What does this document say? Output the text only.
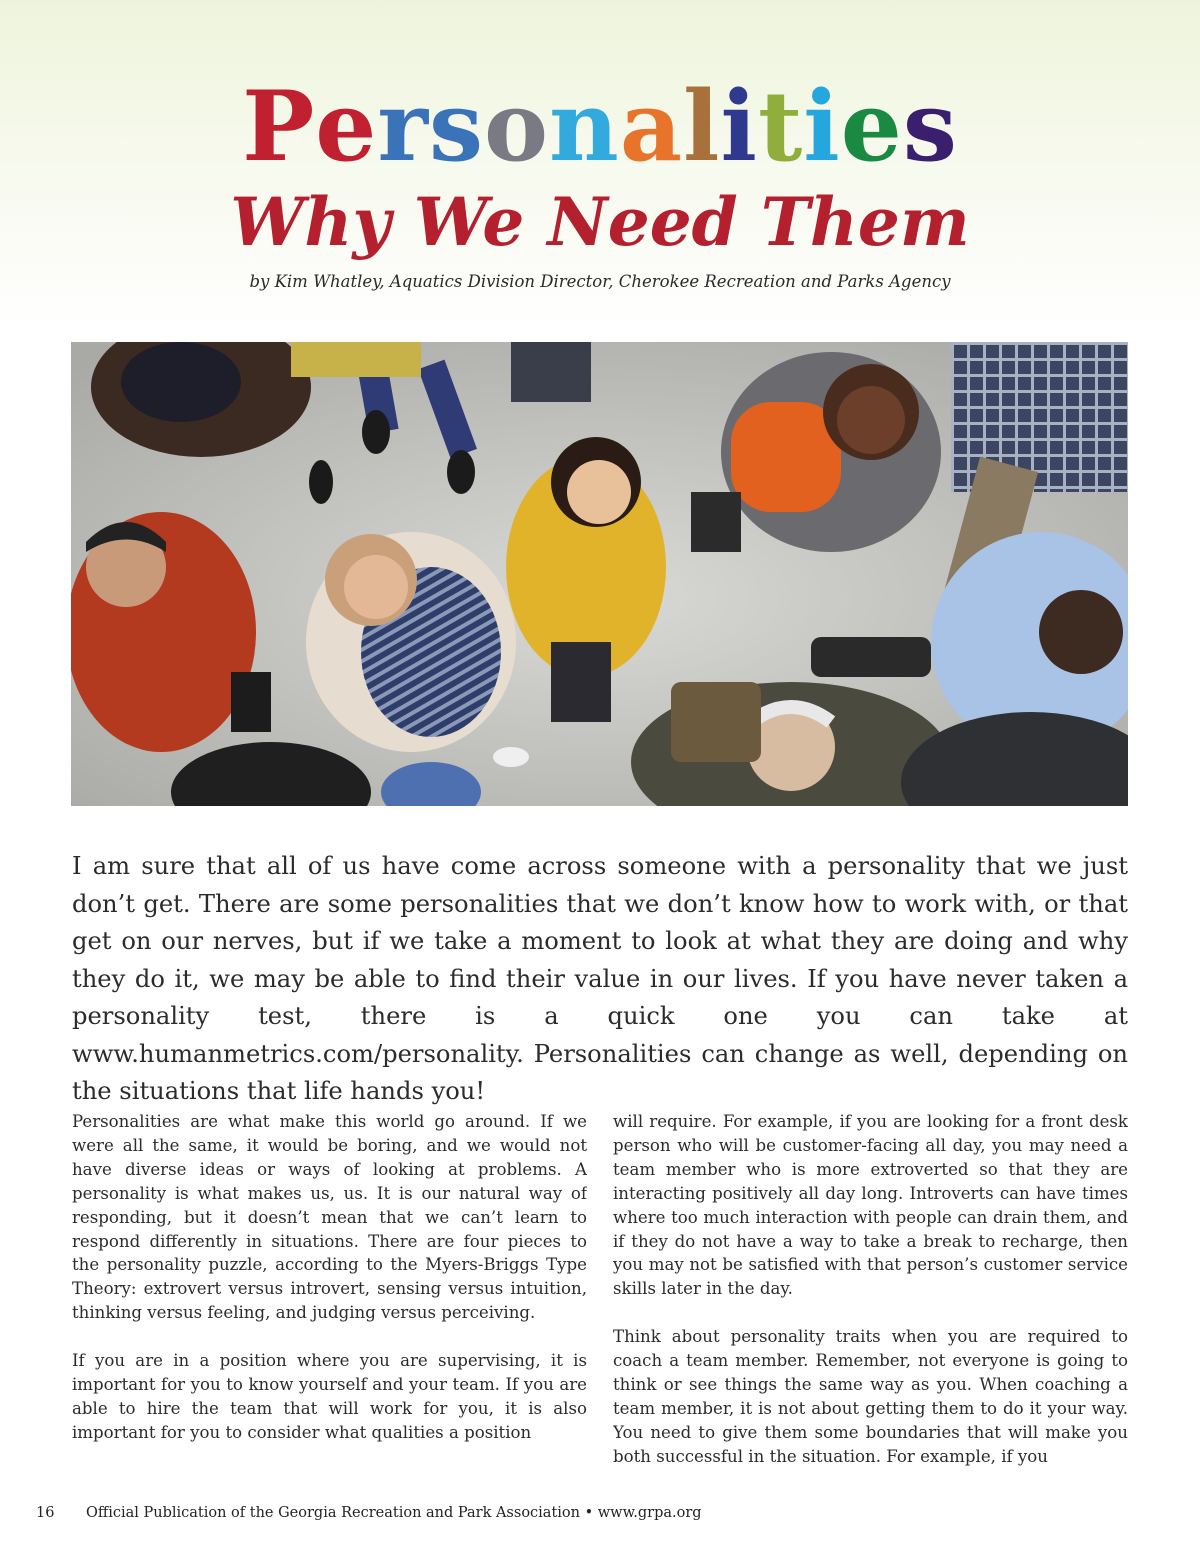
Personalities
Why We Need Them

by Kim Whatley, Aquatics Division Director, Cherokee Recreation and Parks Agency

I am sure that all of us have come across someone with a personality that we just don’t get. There are some personalities that we don’t know how to work with, or that get on our nerves, but if we take a moment to look at what they are doing and why they do it, we may be able to find their value in our lives. If you have never taken a personality test, there is a quick one you can take at www.humanmetrics.com/personality. Personalities can change as well, depending on the situations that life hands you!

Personalities are what make this world go around. If we were all the same, it would be boring, and we would not have diverse ideas or ways of looking at problems. A personality is what makes us, us. It is our natural way of responding, but it doesn’t mean that we can’t learn to respond differently in situations. There are four pieces to the personality puzzle, according to the Myers-Briggs Type Theory: extrovert versus introvert, sensing versus intuition, thinking versus feeling, and judging versus perceiving.

If you are in a position where you are supervising, it is important for you to know yourself and your team. If you are able to hire the team that will work for you, it is also important for you to consider what qualities a position

will require. For example, if you are looking for a front desk person who will be customer-facing all day, you may need a team member who is more extroverted so that they are interacting positively all day long. Introverts can have times where too much interaction with people can drain them, and if they do not have a way to take a break to recharge, then you may not be satisfied with that person’s customer service skills later in the day.

Think about personality traits when you are required to coach a team member. Remember, not everyone is going to think or see things the same way as you. When coaching a team member, it is not about getting them to do it your way. You need to give them some boundaries that will make you both successful in the situation. For example, if you

16 Official Publication of the Georgia Recreation and Park Association • www.grpa.org
